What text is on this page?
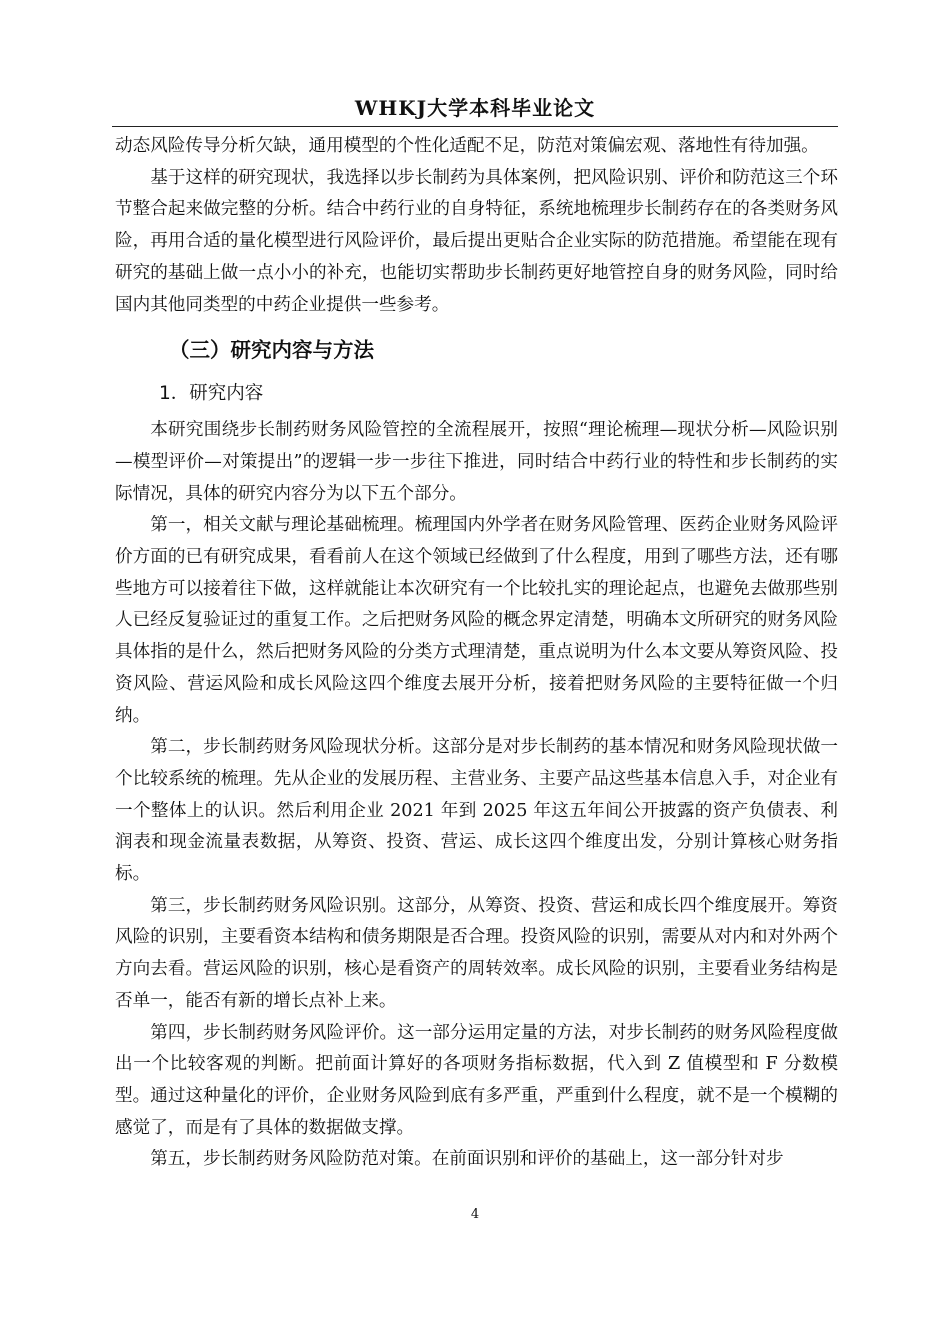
WHKJ大学本科毕业论文

动态风险传导分析欠缺，通用模型的个性化适配不足，防范对策偏宏观、落地性有待加强。

基于这样的研究现状，我选择以步长制药为具体案例，把风险识别、评价和防范这三个环节整合起来做完整的分析。结合中药行业的自身特征，系统地梳理步长制药存在的各类财务风险，再用合适的量化模型进行风险评价，最后提出更贴合企业实际的防范措施。希望能在现有研究的基础上做一点小小的补充，也能切实帮助步长制药更好地管控自身的财务风险，同时给国内其他同类型的中药企业提供一些参考。

（三）研究内容与方法
1．研究内容

本研究围绕步长制药财务风险管控的全流程展开，按照“理论梳理—现状分析—风险识别—模型评价—对策提出”的逻辑一步一步往下推进，同时结合中药行业的特性和步长制药的实际情况，具体的研究内容分为以下五个部分。

第一，相关文献与理论基础梳理。梳理国内外学者在财务风险管理、医药企业财务风险评价方面的已有研究成果，看看前人在这个领域已经做到了什么程度，用到了哪些方法，还有哪些地方可以接着往下做，这样就能让本次研究有一个比较扎实的理论起点，也避免去做那些别人已经反复验证过的重复工作。之后把财务风险的概念界定清楚，明确本文所研究的财务风险具体指的是什么，然后把财务风险的分类方式理清楚，重点说明为什么本文要从筹资风险、投资风险、营运风险和成长风险这四个维度去展开分析，接着把财务风险的主要特征做一个归纳。

第二，步长制药财务风险现状分析。这部分是对步长制药的基本情况和财务风险现状做一个比较系统的梳理。先从企业的发展历程、主营业务、主要产品这些基本信息入手，对企业有一个整体上的认识。然后利用企业 2021 年到 2025 年这五年间公开披露的资产负债表、利润表和现金流量表数据，从筹资、投资、营运、成长这四个维度出发，分别计算核心财务指标。

第三，步长制药财务风险识别。这部分，从筹资、投资、营运和成长四个维度展开。筹资风险的识别，主要看资本结构和债务期限是否合理。投资风险的识别，需要从对内和对外两个方向去看。营运风险的识别，核心是看资产的周转效率。成长风险的识别，主要看业务结构是否单一，能否有新的增长点补上来。

第四，步长制药财务风险评价。这一部分运用定量的方法，对步长制药的财务风险程度做出一个比较客观的判断。把前面计算好的各项财务指标数据，代入到 Z 值模型和 F 分数模型。通过这种量化的评价，企业财务风险到底有多严重，严重到什么程度，就不是一个模糊的感觉了，而是有了具体的数据做支撑。

第五，步长制药财务风险防范对策。在前面识别和评价的基础上，这一部分针对步

4
